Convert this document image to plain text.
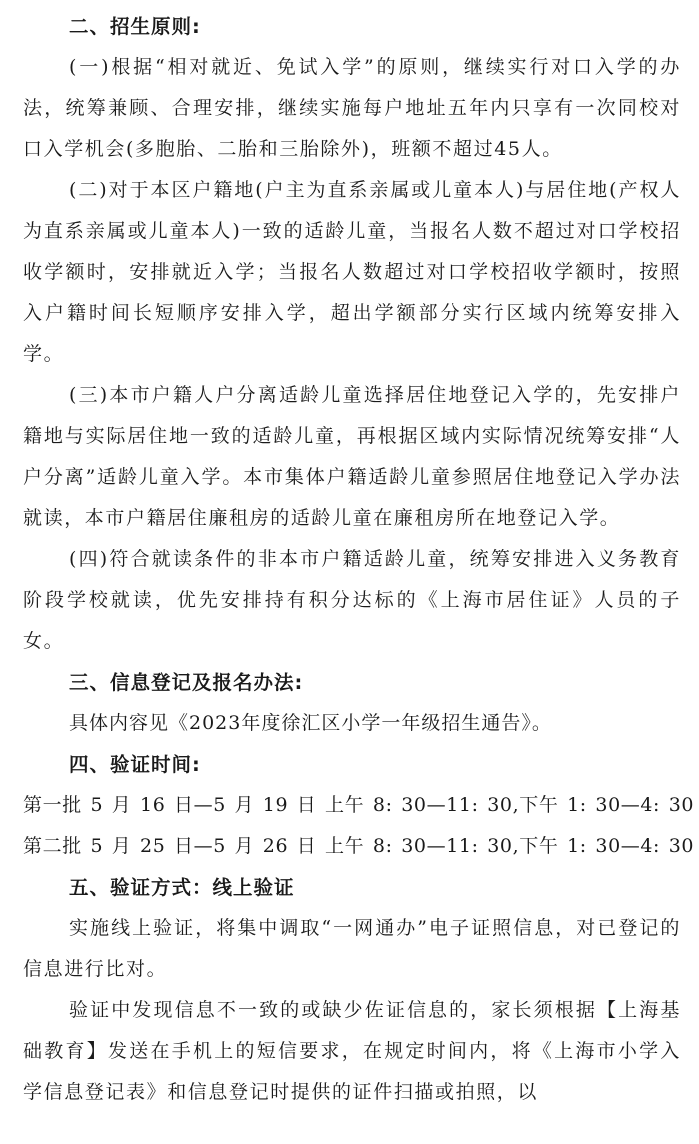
二、招生原则:

(一)根据“相对就近、免试入学”的原则，继续实行对口入学的办法，统筹兼顾、合理安排，继续实施每户地址五年内只享有一次同校对口入学机会(多胞胎、二胎和三胎除外)，班额不超过45人。

(二)对于本区户籍地(户主为直系亲属或儿童本人)与居住地(产权人为直系亲属或儿童本人)一致的适龄儿童，当报名人数不超过对口学校招收学额时，安排就近入学；当报名人数超过对口学校招收学额时，按照入户籍时间长短顺序安排入学，超出学额部分实行区域内统筹安排入学。

(三)本市户籍人户分离适龄儿童选择居住地登记入学的，先安排户籍地与实际居住地一致的适龄儿童，再根据区域内实际情况统筹安排“人户分离”适龄儿童入学。本市集体户籍适龄儿童参照居住地登记入学办法就读，本市户籍居住廉租房的适龄儿童在廉租房所在地登记入学。

(四)符合就读条件的非本市户籍适龄儿童，统筹安排进入义务教育阶段学校就读，优先安排持有积分达标的《上海市居住证》人员的子女。

三、信息登记及报名办法:

具体内容见《2023年度徐汇区小学一年级招生通告》。

四、验证时间:

第一批 5 月 16 日—5 月 19 日 上午 8: 30—11: 30,下午 1: 30—4: 30

第二批 5 月 25 日—5 月 26 日 上午 8: 30—11: 30,下午 1: 30—4: 30

五、验证方式：线上验证

实施线上验证，将集中调取“一网通办”电子证照信息，对已登记的信息进行比对。

验证中发现信息不一致的或缺少佐证信息的，家长须根据【上海基础教育】发送在手机上的短信要求，在规定时间内，将《上海市小学入学信息登记表》和信息登记时提供的证件扫描或拍照，以
